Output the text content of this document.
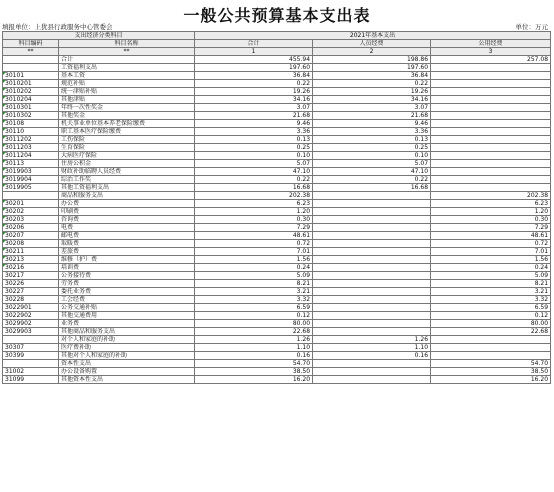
一般公共预算基本支出表
填报单位：上犹县行政服务中心管委会	单位：万元
支出经济分类科目		2021年基本支出		
科目编码	科目名称	合计	人员经费	公用经费
**	**	1	2	3
	合计	455.94	198.86	257.08
	工资福利支出	197.60	197.60	
30101	基本工资	36.84	36.84	
3010201	规范补贴	0.22	0.22	
3010202	统一津贴补贴	19.26	19.26	
3010204	其他津贴	34.16	34.16	
3010301	年终一次性奖金	3.07	3.07	
3010302	其他奖金	21.68	21.68	
30108	机关事业单位基本养老保险缴费	9.46	9.46	
30110	职工基本医疗保险缴费	3.36	3.36	
3011202	工伤保险	0.13	0.13	
3011203	生育保险	0.25	0.25	
3011204	大病医疗保险	0.10	0.10	
30113	住房公积金	5.07	5.07	
3019903	财政补助临聘人员经费	47.10	47.10	
3019904	综治工作奖	0.22	0.22	
3019905	其他工资福利支出	16.68	16.68	
	商品和服务支出	202.38		202.38
30201	办公费	6.23		6.23
30202	印刷费	1.20		1.20
30203	咨询费	0.30		0.30
30206	电费	7.29		7.29
30207	邮电费	48.61		48.61
30208	取暖费	0.72		0.72
30211	差旅费	7.01		7.01
30213	维修（护）费	1.56		1.56
30216	培训费	0.24		0.24
30217	公务接待费	5.09		5.09
30226	劳务费	8.21		8.21
30227	委托业务费	3.21		3.21
30228	工会经费	3.32		3.32
3022901	公务交通补贴	6.59		6.59
3022902	其他交通费用	0.12		0.12
3029902	业务费	80.00		80.00
3029903	其他商品和服务支出	22.68		22.68
	对个人和家庭的补助	1.26	1.26	
30307	医疗费补助	1.10	1.10	
30399	其他对个人和家庭的补助	0.16	0.16	
	资本性支出	54.70		54.70
31002	办公设备购置	38.50		38.50
31099	其他资本性支出	16.20		16.20
